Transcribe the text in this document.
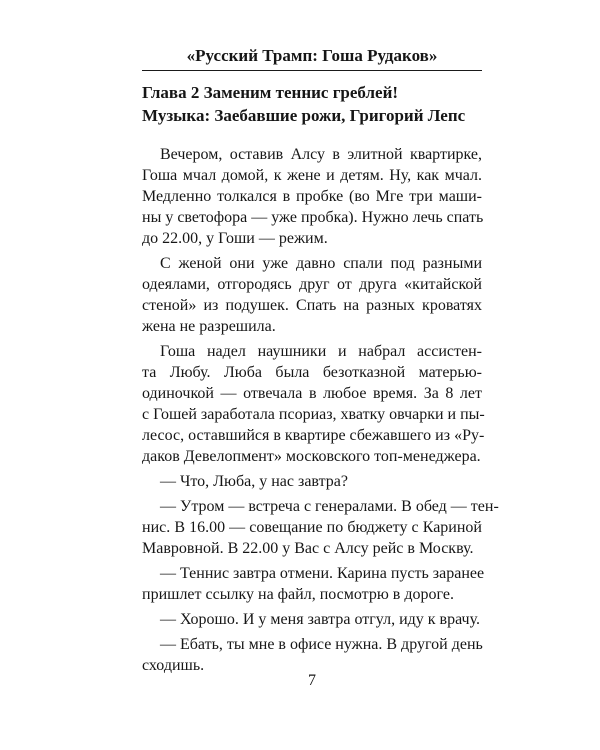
«Русский Трамп: Гоша Рудаков»
Глава 2 Заменим теннис греблей!
Музыка: Заебавшие рожи, Григорий Лепс
Вечером, оставив Алсу в элитной квартирке,
Гоша мчал домой, к жене и детям. Ну, как мчал.
Медленно толкался в пробке (во Мге три маши-
ны у светофора — уже пробка). Нужно лечь спать
до 22.00, у Гоши — режим.
С женой они уже давно спали под разными
одеялами, отгородясь друг от друга «китайской
стеной» из подушек. Спать на разных кроватях
жена не разрешила.
Гоша надел наушники и набрал ассистен-
та Любу. Люба была безотказной матерью-
одиночкой — отвечала в любое время. За 8 лет
с Гошей заработала псориаз, хватку овчарки и пы-
лесос, оставшийся в квартире сбежавшего из «Ру-
даков Девелопмент» московского топ-менеджера.
— Что, Люба, у нас завтра?
— Утром — встреча с генералами. В обед — тен-
нис. В 16.00 — совещание по бюджету с Кариной
Мавровной. В 22.00 у Вас с Алсу рейс в Москву.
— Теннис завтра отмени. Карина пусть заранее
пришлет ссылку на файл, посмотрю в дороге.
— Хорошо. И у меня завтра отгул, иду к врачу.
— Ебать, ты мне в офисе нужна. В другой день
сходишь.
7
